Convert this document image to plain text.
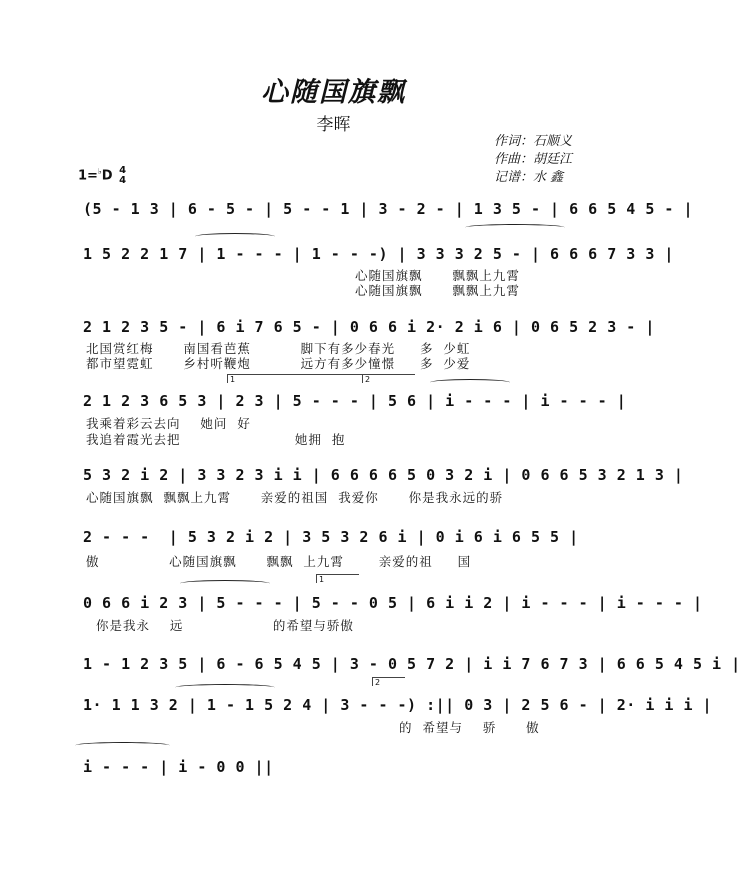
心随国旗飘
李晖
作词：石顺义
作曲：胡廷江
记谱：水 鑫
1=♭D 4
4
1	2
1
2
(5 - 1 3 | 6 - 5 - | 5 - - 1 | 3 - 2 - | 1 3 5 - | 6 6 5 4 5 - |
1 5 2 2 1 7 | 1 - - - | 1 - - -) | 3 3 3 2 5 - | 6 6 6 7 3 3 |
心随国旗飘      飘飘上九霄
心随国旗飘      飘飘上九霄
2 1 2 3 5 - | 6 i 7 6 5 - | 0 6 6 i 2· 2 i 6 | 0 6 5 2 3 - |
北国赏红梅      南国看芭蕉          脚下有多少春光     多  少虹
都市望霓虹      乡村听鞭炮          远方有多少憧憬     多  少爱
2 1 2 3 6 5 3 | 2 3 | 5 - - - | 5 6 | i - - - | i - - - |
我乘着彩云去向    她问  好
我追着霞光去把                       她拥  抱
5 3 2 i 2 | 3 3 2 3 i i | 6 6 6 6 5 0 3 2 i | 0 6 6 5 3 2 1 3 |
心随国旗飘  飘飘上九霄      亲爱的祖国  我爱你      你是我永远的骄
2 - - -  | 5 3 2 i 2 | 3 5 3 2 6 i | 0 i 6 i 6 5 5 |
傲              心随国旗飘      飘飘  上九霄       亲爱的祖     国
0 6 6 i 2 3 | 5 - - - | 5 - - 0 5 | 6 i i 2 | i - - - | i - - - |
你是我永    远                  的希望与骄傲
1 - 1 2 3 5 | 6 - 6 5 4 5 | 3 - 0 5 7 2 | i i 7 6 7 3 | 6 6 5 4 5 i |
1· 1 1 3 2 | 1 - 1 5 2 4 | 3 - - -) :|| 0 3 | 2 5 6 - | 2· i i i |
的  希望与    骄      傲
i - - - | i - 0 0 ||
